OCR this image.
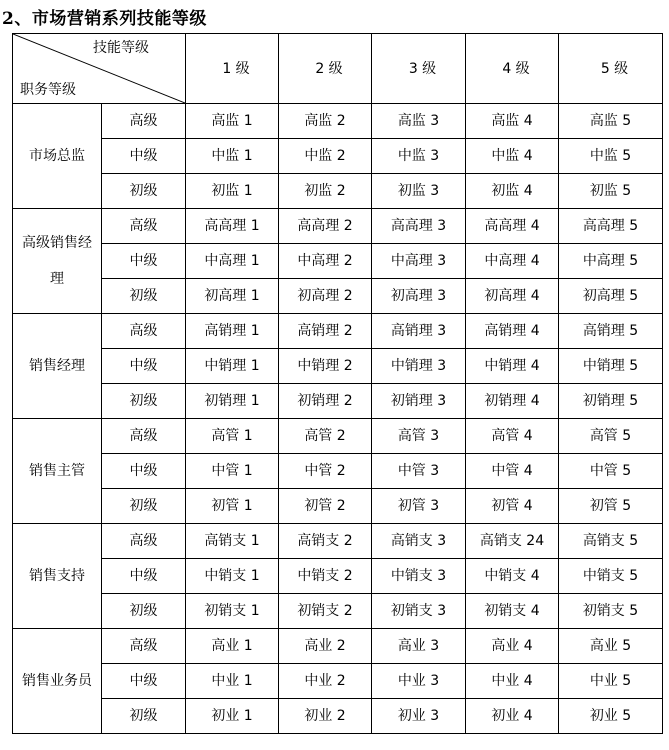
2、市场营销系列技能等级
技能等级
职务等级		1 级	2 级	3 级	4 级	5 级
市场总监	高级	高监 1	高监 2	高监 3	高监 4	高监 5
	中级	中监 1	中监 2	中监 3	中监 4	中监 5
	初级	初监 1	初监 2	初监 3	初监 4	初监 5
高级销售经理	高级	高高理 1	高高理 2	高高理 3	高高理 4	高高理 5
	中级	中高理 1	中高理 2	中高理 3	中高理 4	中高理 5
	初级	初高理 1	初高理 2	初高理 3	初高理 4	初高理 5
销售经理	高级	高销理 1	高销理 2	高销理 3	高销理 4	高销理 5
	中级	中销理 1	中销理 2	中销理 3	中销理 4	中销理 5
	初级	初销理 1	初销理 2	初销理 3	初销理 4	初销理 5
销售主管	高级	高管 1	高管 2	高管 3	高管 4	高管 5
	中级	中管 1	中管 2	中管 3	中管 4	中管 5
	初级	初管 1	初管 2	初管 3	初管 4	初管 5
销售支持	高级	高销支 1	高销支 2	高销支 3	高销支 24	高销支 5
	中级	中销支 1	中销支 2	中销支 3	中销支 4	中销支 5
	初级	初销支 1	初销支 2	初销支 3	初销支 4	初销支 5
销售业务员	高级	高业 1	高业 2	高业 3	高业 4	高业 5
	中级	中业 1	中业 2	中业 3	中业 4	中业 5
	初级	初业 1	初业 2	初业 3	初业 4	初业 5
